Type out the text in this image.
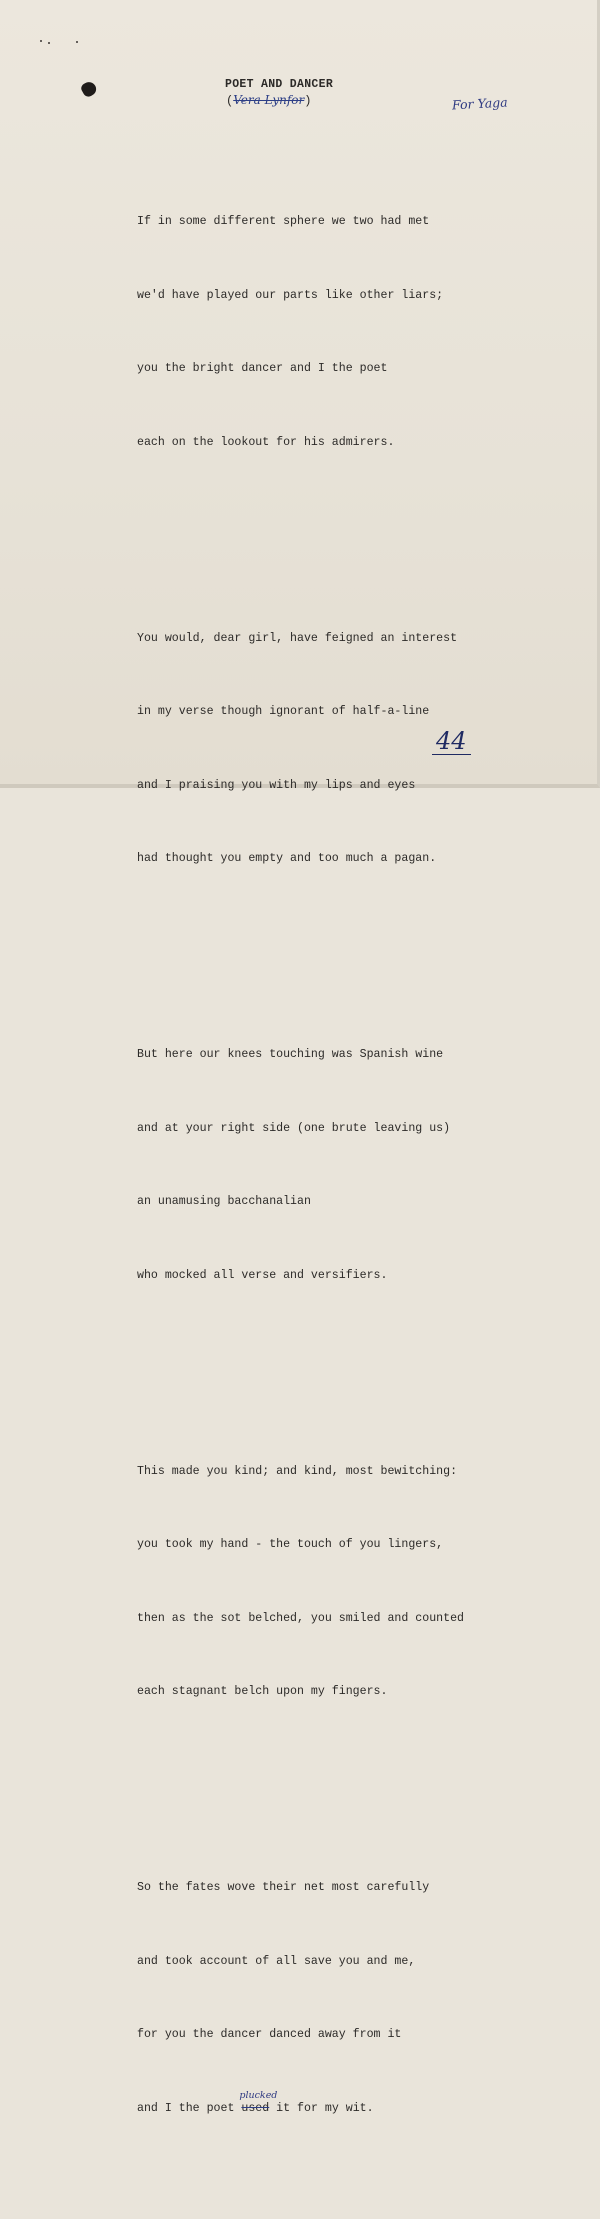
POET AND DANCER
(Vera Lynfor)	For Yaga

If in some different sphere we two had met

we'd have played our parts like other liars;

you the bright dancer and I the poet

each on the lookout for his admirers.

You would, dear girl, have feigned an interest

in my verse though ignorant of half-a-line

and I praising you with my lips and eyes

had thought you empty and too much a pagan.

But here our knees touching was Spanish wine

and at your right side (one brute leaving us)

an unamusing bacchanalian

who mocked all verse and versifiers.

This made you kind; and kind, most bewitching:

you took my hand - the touch of you lingers,

then as the sot belched, you smiled and counted

each stagnant belch upon my fingers.

So the fates wove their net most carefully

and took account of all save you and me,

for you the dancer danced away from it

and I the poet used
plucked
it for my wit.

44
